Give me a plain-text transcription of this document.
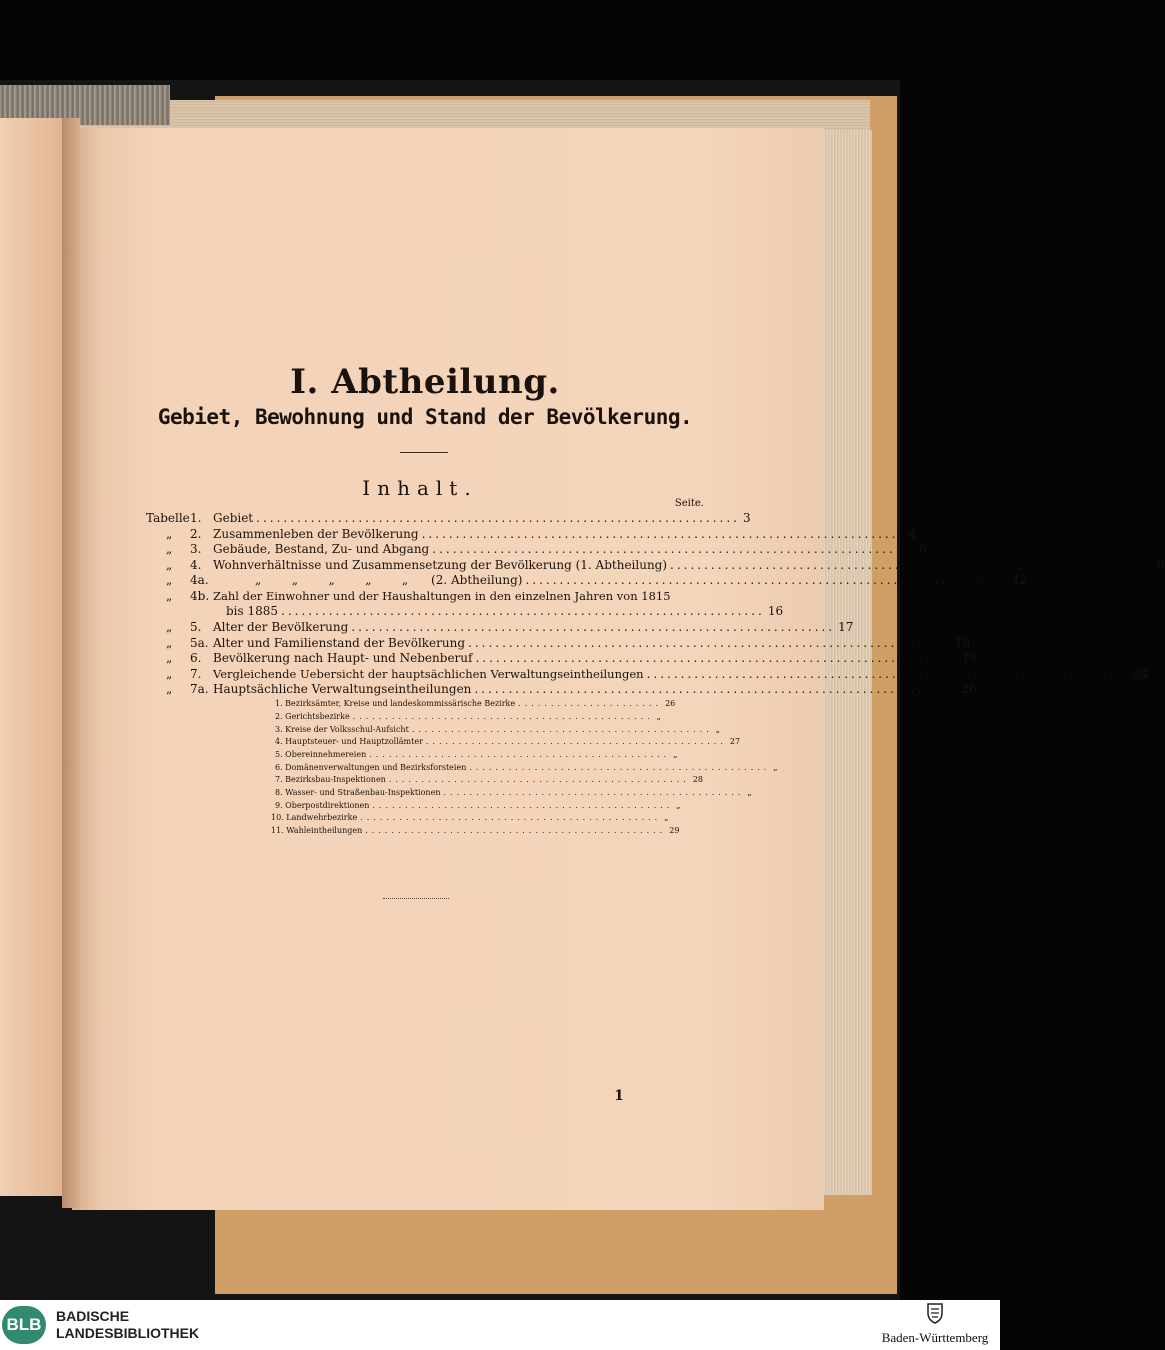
I. Abtheilung.
Gebiet, Bewohnung und Stand der Bevölkerung.
Inhalt.
Seite.
Tabelle 1. Gebiet ....................................................................... 3
„ 2. Zusammenleben der Bevölkerung ....................................................................... 4
„ 3. Gebäude, Bestand, Zu- und Abgang ....................................................................... 6
„ 4. Wohnverhältnisse und Zusammensetzung der Bevölkerung (1. Abtheilung) ....................................................................... 8
„ 4a.	„        „        „        „        „      (2. Abtheilung) ....................................................................... 12
„ 4b. Zahl der Einwohner und der Haushaltungen in den einzelnen Jahren von 1815
bis 1885 ....................................................................... 16
„ 5. Alter der Bevölkerung ....................................................................... 17
„ 5a. Alter und Familienstand der Bevölkerung ....................................................................... 18
„ 6. Bevölkerung nach Haupt- und Nebenberuf ....................................................................... 19
„ 7. Vergleichende Uebersicht der hauptsächlichen Verwaltungseintheilungen ....................................................................... 24
„ 7a. Hauptsächliche Verwaltungseintheilungen ....................................................................... 26
1. Bezirksämter, Kreise und landeskommissärische Bezirke ...................... 26
2. Gerichtsbezirke .............................................. „
3. Kreise der Volksschul-Aufsicht .............................................. „
4. Hauptsteuer- und Hauptzollämter .............................................. 27
5. Obereinnehmereien .............................................. „
6. Domänenverwaltungen und Bezirksforsteien .............................................. „
7. Bezirksbau-Inspektionen .............................................. 28
8. Wasser- und Straßenbau-Inspektionen .............................................. „
9. Oberpostdirektionen .............................................. „
10. Landwehrbezirke .............................................. „
11. Wahleintheilungen .............................................. 29
1
BLB	BADISCHE
LANDESBIBLIOTHEK	Baden-Württemberg
